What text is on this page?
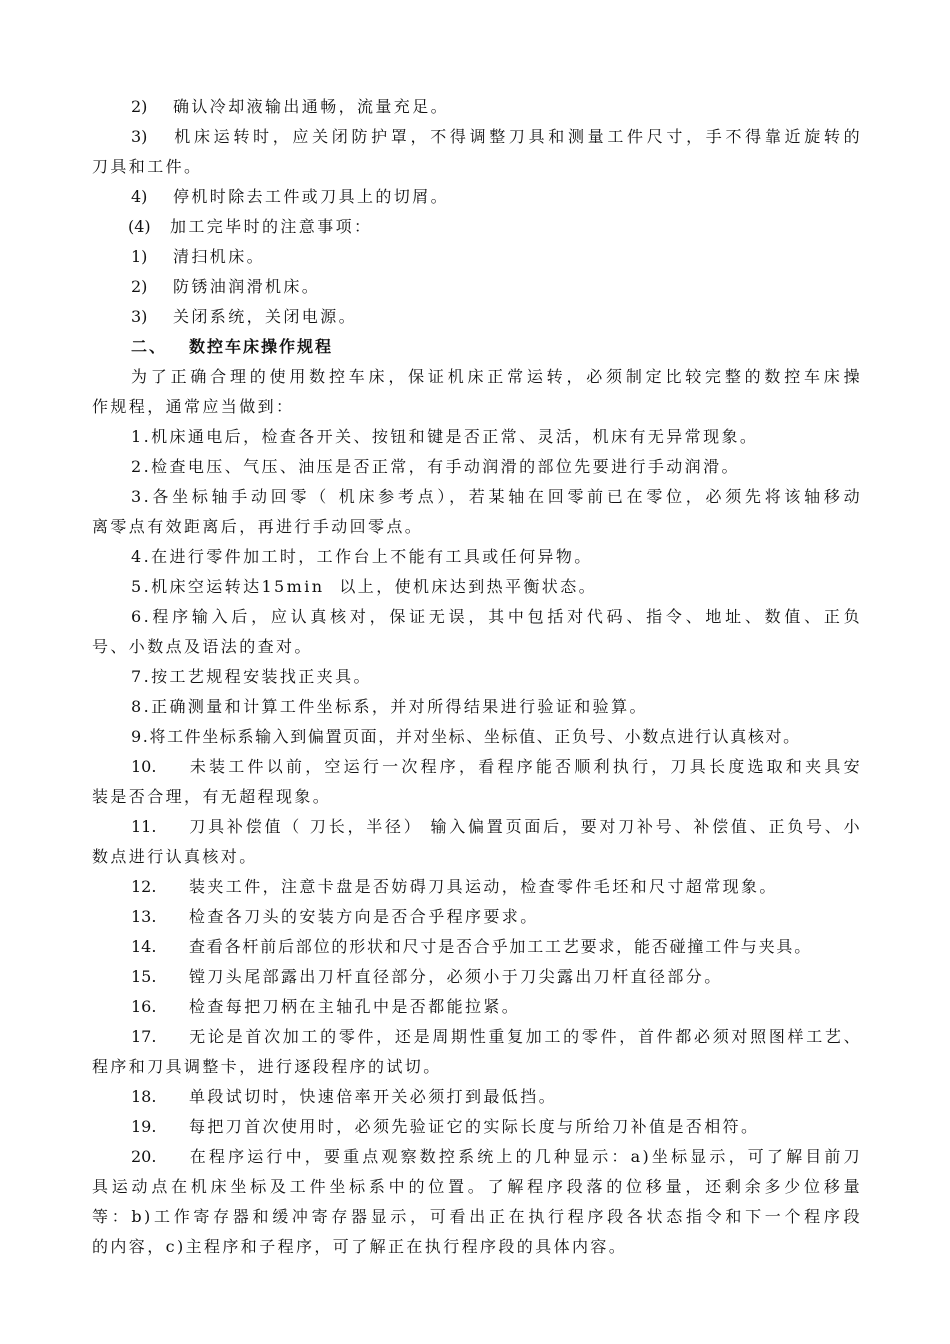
2) 确认冷却液输出通畅，流量充足。
3) 机床运转时，应关闭防护罩，不得调整刀具和测量工件尺寸，手不得靠近旋转的
刀具和工件。
4) 停机时除去工件或刀具上的切屑。
(4) 加工完毕时的注意事项：
1) 清扫机床。
2) 防锈油润滑机床。
3) 关闭系统，关闭电源。
二、 数控车床操作规程
为了正确合理的使用数控车床，保证机床正常运转，必须制定比较完整的数控车床操
作规程，通常应当做到：
1.机床通电后，检查各开关、按钮和键是否正常、灵活，机床有无异常现象。
2.检查电压、气压、油压是否正常，有手动润滑的部位先要进行手动润滑。
3.各坐标轴手动回零（ 机床参考点），若某轴在回零前已在零位，必须先将该轴移动
离零点有效距离后，再进行手动回零点。
4.在进行零件加工时，工作台上不能有工具或任何异物。
5.机床空运转达15min  以上，使机床达到热平衡状态。
6.程序输入后，应认真核对，保证无误，其中包括对代码、指令、地址、数值、正负
号、小数点及语法的查对。
7.按工艺规程安装找正夹具。
8.正确测量和计算工件坐标系，并对所得结果进行验证和验算。
9.将工件坐标系输入到偏置页面，并对坐标、坐标值、正负号、小数点进行认真核对。
10. 未装工件以前，空运行一次程序，看程序能否顺利执行，刀具长度选取和夹具安
装是否合理，有无超程现象。
11. 刀具补偿值（ 刀长，半径） 输入偏置页面后，要对刀补号、补偿值、正负号、小
数点进行认真核对。
12. 装夹工件，注意卡盘是否妨碍刀具运动，检查零件毛坯和尺寸超常现象。
13. 检查各刀头的安装方向是否合乎程序要求。
14. 查看各杆前后部位的形状和尺寸是否合乎加工工艺要求，能否碰撞工件与夹具。
15. 镗刀头尾部露出刀杆直径部分，必须小于刀尖露出刀杆直径部分。
16. 检查每把刀柄在主轴孔中是否都能拉紧。
17. 无论是首次加工的零件，还是周期性重复加工的零件，首件都必须对照图样工艺、
程序和刀具调整卡，进行逐段程序的试切。
18. 单段试切时，快速倍率开关必须打到最低挡。
19. 每把刀首次使用时，必须先验证它的实际长度与所给刀补值是否相符。
20. 在程序运行中，要重点观察数控系统上的几种显示：a)坐标显示，可了解目前刀
具运动点在机床坐标及工件坐标系中的位置。了解程序段落的位移量，还剩余多少位移量
等：b)工作寄存器和缓冲寄存器显示，可看出正在执行程序段各状态指令和下一个程序段
的内容，c)主程序和子程序，可了解正在执行程序段的具体内容。
